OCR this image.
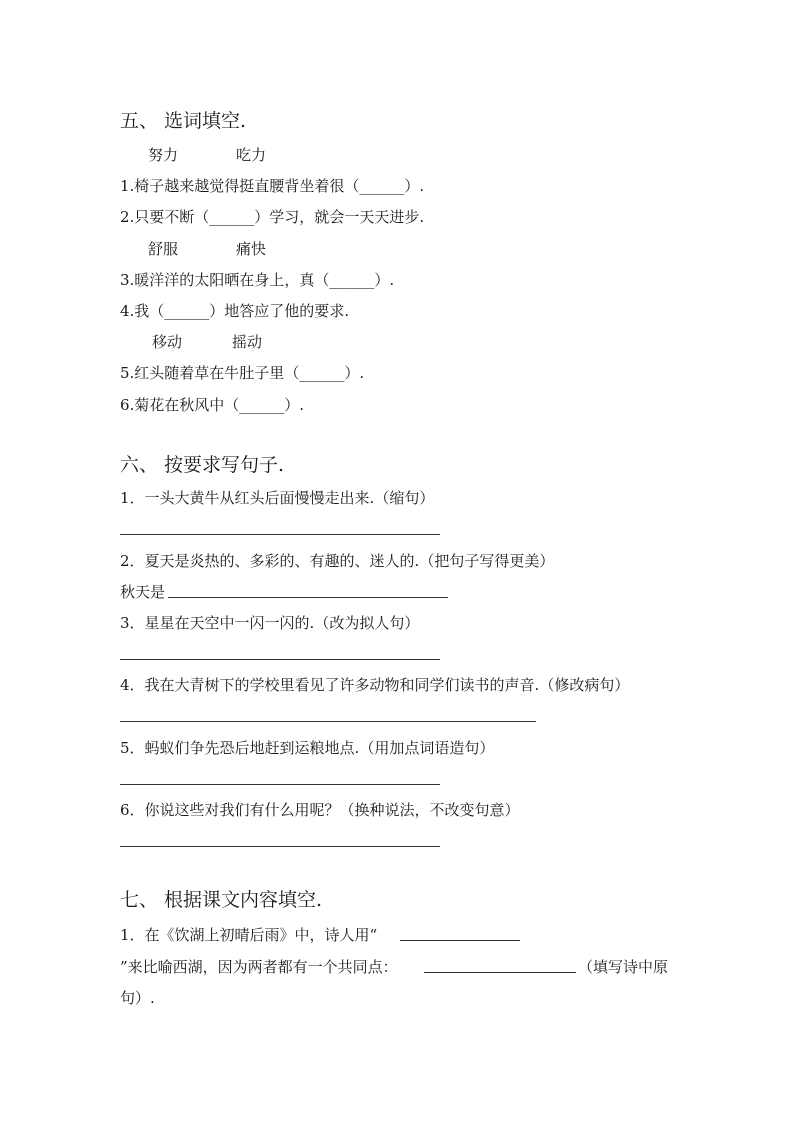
五、 选词填空.
努力	吃力
1.椅子越来越觉得挺直腰背坐着很（______）.
2.只要不断（______）学习，就会一天天进步.
舒服	痛快
3.暖洋洋的太阳晒在身上，真（______）.
4.我（______）地答应了他的要求.
移动	摇动
5.红头随着草在牛肚子里（______）.
6.菊花在秋风中（______）.
六、 按要求写句子.
1．一头大黄牛从红头后面慢慢走出来.（缩句）
2．夏天是炎热的、多彩的、有趣的、迷人的.（把句子写得更美）
秋天是
3．星星在天空中一闪一闪的.（改为拟人句）
4．我在大青树下的学校里看见了许多动物和同学们读书的声音.（修改病句）
5．蚂蚁们争先恐后地赶到运粮地点.（用加点词语造句）
6．你说这些对我们有什么用呢？（换种说法，不改变句意）
七、 根据课文内容填空.
1．在《饮湖上初晴后雨》中，诗人用“
”来比喻西湖，因为两者都有一个共同点：	（填写诗中原
句）.
